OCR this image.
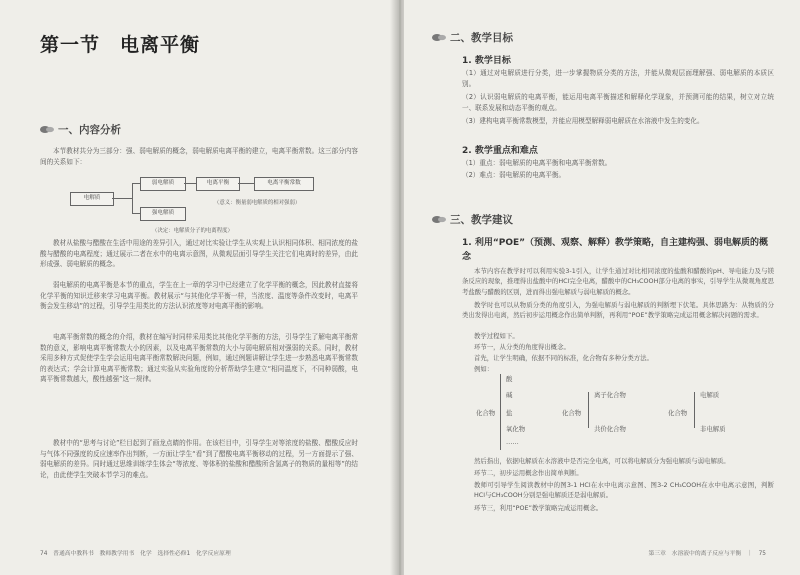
第一节　电离平衡
一、内容分析
本节教材共分为三部分：强、弱电解质的概念，弱电解质电离平衡的建立，电离平衡常数。这三部分内容间的关系如下：
电解质
弱电解质
强电解质
电离平衡	电离平衡常数
（意义：衡量弱电解质的相对强弱）
（决定：电解质分子的电离程度）
教材从盐酸与醋酸在生活中用途的差异引入，通过对比实验让学生从实观上认识相同体积、相同浓度的盐酸与醋酸的电离程度；通过展示二者在水中的电离示意图，从微观层面引导学生关注它们电离时的差异，由此形成强、弱电解质的概念。
弱电解质的电离平衡是本节的重点，学生在上一章的学习中已经建立了化学平衡的概念，因此教材直接将化学平衡的知识迁移来学习电离平衡。教材展示“与其他化学平衡一样，当浓度、温度等条件改变时，电离平衡会发生移动”的过程，引导学生用类比的方法认识浓度等对电离平衡的影响。
电离平衡常数的概念的介绍，教材在编写时同样采用类比其他化学平衡的方法，引导学生了解电离平衡常数的意义，影响电离平衡常数大小的因素，以及电离平衡常数的大小与弱电解质相对强弱的关系。同时，教材采用多种方式促使学生学会运用电离平衡常数解决问题，例如，通过例题讲解让学生进一步熟悉电离平衡常数的表达式；学会计算电离平衡常数；通过实验从实验角度的分析帮助学生建立“相同温度下，不同种弱酸，电离平衡常数越大，酸性越强”这一规律。
教材中的“思考与讨论”栏目起到了画龙点睛的作用。在该栏目中，引导学生对等浓度的盐酸、醋酸反应时与气体不同强度的反应速率作出判断，一方面让学生“看”到了醋酸电离平衡移动的过程，另一方面提示了强、弱电解质的差异。同时通过思维训练学生体会“等浓度、等体积的盐酸和醋酸所含氢离子的物质的量相等”的结论，由此使学生突破本节学习的难点。
74　普通高中教科书　教师教学用书　化学　选择性必修1　化学反应原理
二、教学目标
1. 教学目标
（1）通过对电解质进行分类，进一步掌握物质分类的方法，并能从微观层面理解强、弱电解质的本质区别。
（2）认识弱电解质的电离平衡，能运用电离平衡描述和解释化学现象，并预测可能的结果，树立对立统一、联系发展和动态平衡的观点。
（3）建构电离平衡常数模型，并能应用模型解释弱电解质在水溶液中发生的变化。
2. 教学重点和难点
（1）重点：弱电解质的电离平衡和电离平衡常数。
（2）难点：弱电解质的电离平衡。
三、教学建议
1. 利用“POE”（预测、观察、解释）教学策略，自主建构强、弱电解质的概念
本节内容在教学时可以利用实验3-1引入，让学生通过对比相同浓度的盐酸和醋酸的pH、导电能力及与镁条反应的现象，推理得出盐酸中的HCl完全电离，醋酸中的CH₃COOH部分电离的事实，引导学生从微观角度思考盐酸与醋酸的区别，进而得出强电解质与弱电解质的概念。
教学时也可以从物质分类的角度引入，为强电解质与弱电解质的判断埋下伏笔。具体思路为：从物质的分类出发得出电离，然后初步运用概念作出简单判断，再利用“POE”教学策略完成运用概念解决问题的需求。
教学过程如下。
环节一，从分类的角度得出概念。
首先，让学生明确，依据不同的标准，化合物有多种分类方法。
例如：
化合物
酸
碱
盐
氧化物
……
化合物
离子化合物
共价化合物
化合物
电解质
非电解质
然后指出，依据电解质在水溶液中是否完全电离，可以将电解质分为强电解质与弱电解质。
环节二，初步运用概念作出简单判断。
教师可引导学生阅读教材中的图3-1 HCl在水中电离示意图、图3-2 CH₃COOH在水中电离示意图，判断HCl与CH₃COOH分别是强电解质还是弱电解质。
环节三，利用“POE”教学策略完成运用概念。
第三章　水溶液中的离子反应与平衡　｜　75
